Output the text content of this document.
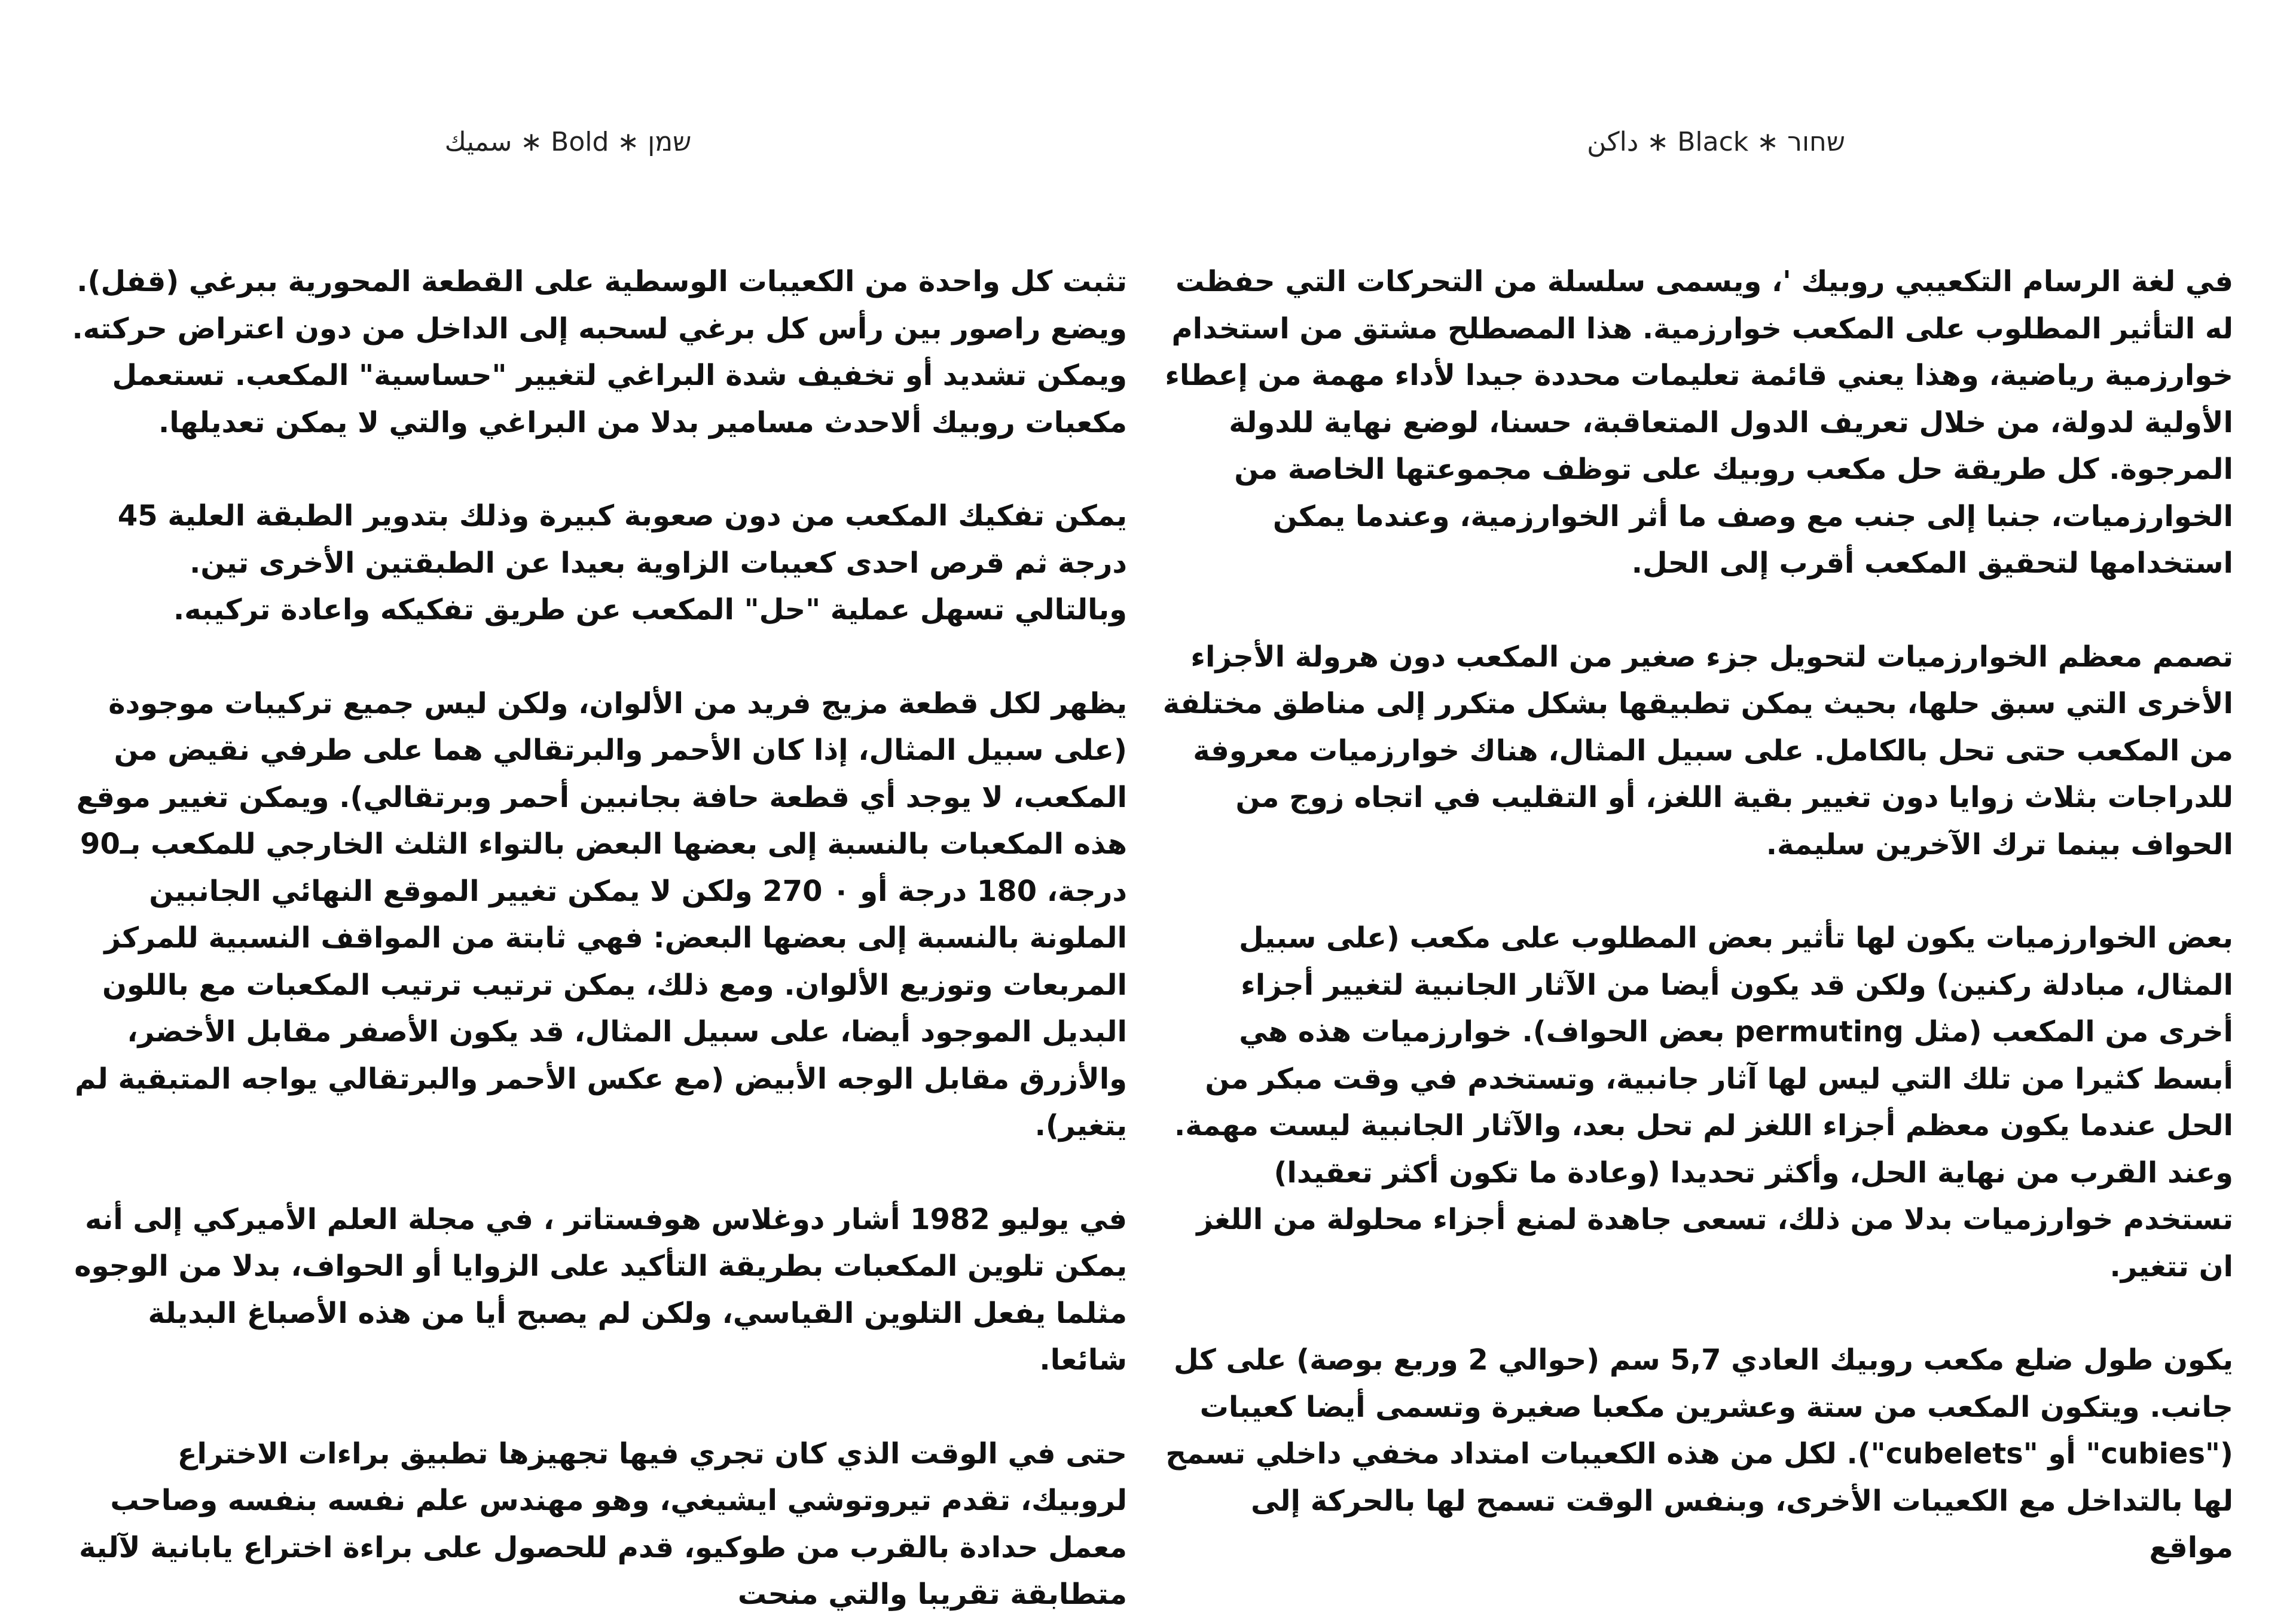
سميك ∗ Bold ∗ שמן	داكن ∗ Black ∗ שחור

تثبت كل واحدة من الكعيبات الوسطية على القطعة المحورية ببرغي (قفل). ويضع راصور بين رأس كل برغي لسحبه إلى الداخل من دون اعتراض حركته. ويمكن تشديد أو تخفيف شدة البراغي لتغيير "حساسية" المكعب. تستعمل مكعبات روبيك ألاحدث مسامير بدلا من البراغي والتي لا يمكن تعديلها.

يمكن تفكيك المكعب من دون صعوبة كبيرة وذلك بتدوير الطبقة العلية 45 درجة ثم قرص احدى كعيبات الزاوية بعيدا عن الطبقتين الأخرى تين. وبالتالي تسهل عملية "حل" المكعب عن طريق تفكيكه واعادة تركيبه.

يظهر لكل قطعة مزيج فريد من الألوان، ولكن ليس جميع تركيبات موجودة (على سبيل المثال، إذا كان الأحمر والبرتقالي هما على طرفي نقيض من المكعب، لا يوجد أي قطعة حافة بجانبين أحمر وبرتقالي). ويمكن تغيير موقع هذه المكعبات بالنسبة إلى بعضها البعض بالتواء الثلث الخارجي للمكعب بـ90 درجة، 180 درجة أو ٠ 270 ولكن لا يمكن تغيير الموقع النهائي الجانبين الملونة بالنسبة إلى بعضها البعض: فهي ثابتة من المواقف النسبية للمركز المربعات وتوزيع الألوان. ومع ذلك، يمكن ترتيب ترتيب المكعبات مع باللون البديل الموجود أيضا، على سبيل المثال، قد يكون الأصفر مقابل الأخضر، والأزرق مقابل الوجه الأبيض (مع عكس الأحمر والبرتقالي يواجه المتبقية لم يتغير).

في يوليو 1982 أشار دوغلاس هوفستاتر ، في مجلة العلم الأميركي إلى أنه يمكن تلوين المكعبات بطريقة التأكيد على الزوايا أو الحواف، بدلا من الوجوه مثلما يفعل التلوين القياسي، ولكن لم يصبح أيا من هذه الأصباغ البديلة شائعا.

حتى في الوقت الذي كان تجري فيها تجهيزها تطبيق براءات الاختراع لروبيك، تقدم تيروتوشي ايشيغي، وهو مهندس علم نفسه بنفسه وصاحب معمل حدادة بالقرب من طوكيو، قدم للحصول على براءة اختراع يابانية لآلية متطابقة تقريبا والتي منحت

في لغة الرسام التكعيبي روبيك '، ويسمى سلسلة من التحركات التي حفظت له التأثير المطلوب على المكعب خوارزمية. هذا المصطلح مشتق من استخدام خوارزمية رياضية، وهذا يعني قائمة تعليمات محددة جيدا لأداء مهمة من إعطاء الأولية لدولة، من خلال تعريف الدول المتعاقبة، حسنا، لوضع نهاية للدولة المرجوة. كل طريقة حل مكعب روبيك على توظف مجموعتها الخاصة من الخوارزميات، جنبا إلى جنب مع وصف ما أثر الخوارزمية، وعندما يمكن استخدامها لتحقيق المكعب أقرب إلى الحل.

تصمم معظم الخوارزميات لتحويل جزء صغير من المكعب دون هرولة الأجزاء الأخرى التي سبق حلها، بحيث يمكن تطبيقها بشكل متكرر إلى مناطق مختلفة من المكعب حتى تحل بالكامل. على سبيل المثال، هناك خوارزميات معروفة للدراجات بثلاث زوايا دون تغيير بقية اللغز، أو التقليب في اتجاه زوج من الحواف بينما ترك الآخرين سليمة.

بعض الخوارزميات يكون لها تأثير بعض المطلوب على مكعب (على سبيل المثال، مبادلة ركنين) ولكن قد يكون أيضا من الآثار الجانبية لتغيير أجزاء أخرى من المكعب (مثل permuting بعض الحواف). خوارزميات هذه هي أبسط كثيرا من تلك التي ليس لها آثار جانبية، وتستخدم في وقت مبكر من الحل عندما يكون معظم أجزاء اللغز لم تحل بعد، والآثار الجانبية ليست مهمة. وعند القرب من نهاية الحل، وأكثر تحديدا (وعادة ما تكون أكثر تعقيدا) تستخدم خوارزميات بدلا من ذلك، تسعى جاهدة لمنع أجزاء محلولة من اللغز ان تتغير.

يكون طول ضلع مكعب روبيك العادي 5,7 سم (حوالي 2 وربع بوصة) على كل جانب. ويتكون المكعب من ستة وعشرين مكعبا صغيرة وتسمى أيضا كعيبات ("cubies" أو "cubelets"). لكل من هذه الكعيبات امتداد مخفي داخلي تسمح لها بالتداخل مع الكعيبات الأخرى، وبنفس الوقت تسمح لها بالحركة إلى مواقع
